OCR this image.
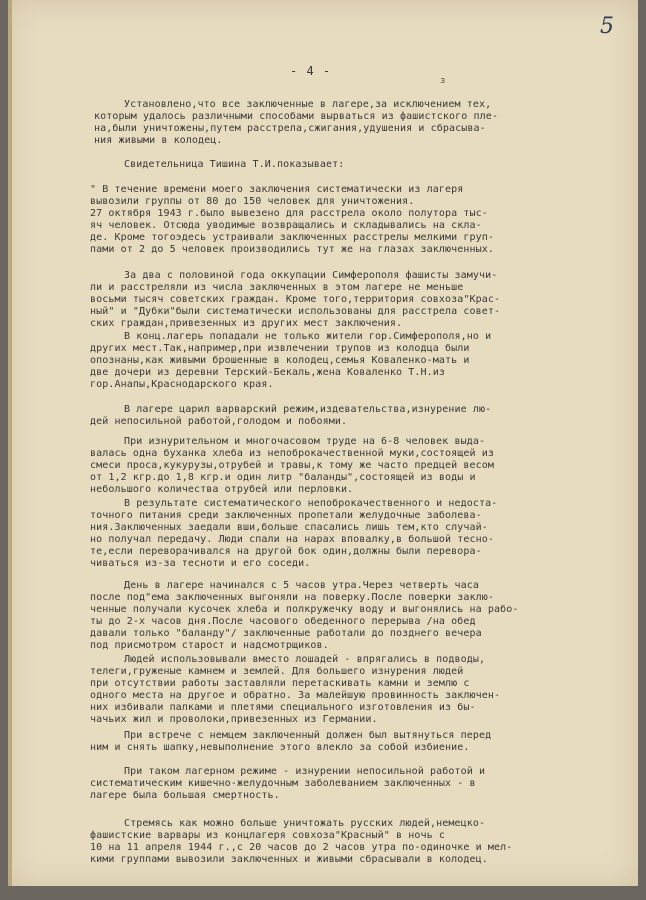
5
- 4 -
з
Установлено,что все заключенные в лагере,за исключением тех,
которым удалось различными способами вырваться из фашистского пле-
на,были уничтожены,путем расстрела,сжигания,удушения и сбрасыва-
ния живыми в колодец.
Свидетельница Тишина Т.И.показывает:
" В течение времени моего заключения систематически из лагеря
вывозили группы от 80 до 150 человек для уничтожения.
27 октября 1943 г.было вывезено для расстрела около полутора тыс-
яч человек. Отсюда уводимые возвращались и складывались на скла-
де. Кроме тогоэдесь устраивали заключенных расстрелы мелкими груп-
пами от 2 до 5 человек производились тут же на глазах заключенных.
За два с половиной года оккупации Симферополя фашисты замучи-
ли и расстреляли из числа заключенных в этом лагере не меньше
восьми тысяч советских граждан. Кроме того,территория совхоза"Крас-
ный" и "Дубки"были систематически использованы для расстрела совет-
ских граждан,привезенных из других мест заключения.
В конц.лагерь попадали не только жители гор.Симферополя,но и
других мест.Так,например,при извлечении трупов из колодца были
опознаны,как живыми брошенные в колодец,семья Коваленко-мать и
две дочери из деревни Терский-Бекаль,жена Коваленко Т.Н.из
гор.Анапы,Краснодарского края.
В лагере царил варварский режим,издевательства,изнурение лю-
дей непосильной работой,голодом и побоями.
При изнурительном и многочасовом труде на 6-8 человек выда-
валась одна буханка хлеба из непоброкачественной муки,состоящей из
смеси проса,кукурузы,отрубей и травы,к тому же часто предцей весом
от 1,2 кгр.до 1,8 кгр.и один литр "баланды",состоящей из воды и
небольшого количества отрубей или перловки.
В результате систематического непоброкачественного и недоста-
точного питания среди заключенных пропетали желудочные заболева-
ния.Заключенных заедали вши,больше спасались лишь тем,кто случай-
но получал передачу. Люди спали на нарах вповалку,в большой тесно-
те,если переворачивался на другой бок один,должны были перевора-
чиваться из-за тесноти и его соседи.
День в лагере начинался с 5 часов утра.Через четверть часа
после под"ема заключенных выгоняли на поверку.После поверки заклю-
ченные получали кусочек хлеба и полкружечку воду и выгонялись на рабо-
ты до 2-х часов дня.После часового обеденного перерыва /на обед
давали только "баланду"/ заключенные работали до позднего вечера
под присмотром старост и надсмотрщиков.
Людей использовывали вместо лошадей - впрягались в подводы,
телеги,груженые камнем и землей. Для большего изнурения людей
при отсутствии работы заставляли перетаскивать камни и землю с
одного места на другое и обратно. За малейшую провинность заключен-
них избивали палками и плетями специального изготовления из бы-
чачьих жил и проволоки,привезенных из Германии.
При встрече с немцем заключенный должен был вытянуться перед
ним и снять шапку,невыполнение этого влекло за собой избиение.
При таком лагерном режиме - изнурении непосильной работой и
систематическим кишечно-желудочным заболеванием заключенных - в
лагере была большая смертность.
Стремясь как можно больше уничтожать русских людей,немецко-
фашистские варвары из концлагеря совхоза"Красный" в ночь с
10 на 11 апреля 1944 г.,с 20 часов до 2 часов утра по-одиночке и мел-
кими группами вывозили заключенных и живыми сбрасывали в колодец.
